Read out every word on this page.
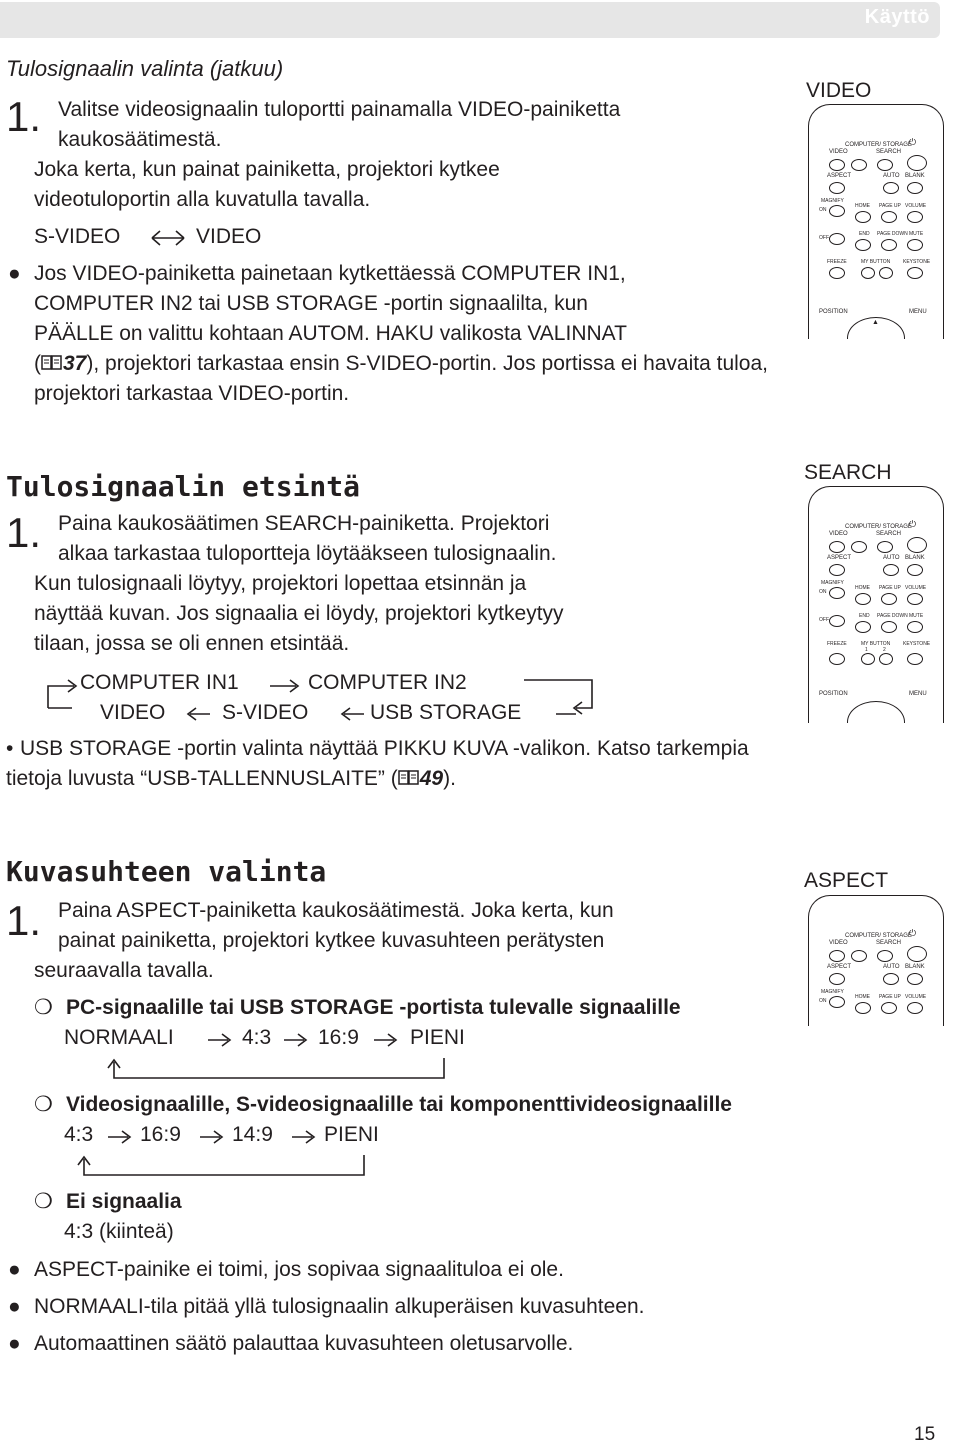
Käyttö
Tulosignaalin valinta (jatkuu)
1. Valitse videosignaalin tuloportti painamalla VIDEO-painiketta
kaukosäätimestä.
Joka kerta, kun painat painiketta, projektori kytkee
videotuloportin alla kuvatulla tavalla.
S-VIDEO	VIDEO
● Jos VIDEO-painiketta painetaan kytkettäessä COMPUTER IN1,
COMPUTER IN2 tai USB STORAGE -portin signaalilta, kun
PÄÄLLE on valittu kohtaan AUTOM. HAKU valikosta VALINNAT
( 37), projektori tarkastaa ensin S-VIDEO-portin. Jos portissa ei havaita tuloa,
projektori tarkastaa VIDEO-portin.
VIDEO
COMPUTER/ STORAGE
VIDEO	SEARCH
⏻
ASPECT	AUTO BLANK
MAGNIFY
ON
HOME PAGE UP VOLUME
OFF
END PAGE DOWN MUTE
FREEZE	MY BUTTON	KEYSTONE
POSITION	MENU
▲
Tulosignaalin etsintä	SEARCH
1. Paina kaukosäätimen SEARCH-painiketta. Projektori
alkaa tarkastaa tuloportteja löytääkseen tulosignaalin.
Kun tulosignaali löytyy, projektori lopettaa etsinnän ja
näyttää kuvan. Jos signaalia ei löydy, projektori kytkeytyy
tilaan, jossa se oli ennen etsintää.
COMPUTER IN1	COMPUTER IN2
VIDEO	S-VIDEO	USB STORAGE
• USB STORAGE -portin valinta näyttää PIKKU KUVA -valikon. Katso tarkempia
tietoja luvusta “USB-TALLENNUSLAITE” ( 49).
COMPUTER/ STORAGE
VIDEO	SEARCH
⏻
ASPECT	AUTO BLANK
MAGNIFY
ON
HOME PAGE UP VOLUME
OFF
END PAGE DOWN MUTE
FREEZE	MY BUTTON	KEYSTONE
1	2
POSITION	MENU
Kuvasuhteen valinta	ASPECT
1. Paina ASPECT-painiketta kaukosäätimestä. Joka kerta, kun
painat painiketta, projektori kytkee kuvasuhteen perätysten
seuraavalla tavalla.
❍ PC-signaalille tai USB STORAGE -portista tulevalle signaalille
NORMAALI	4:3 16:9 PIENI
❍ Videosignaalille, S-videosignaalille tai komponenttivideosignaalille
4:3 16:9 14:9 PIENI
❍ Ei signaalia
4:3 (kiinteä)
● ASPECT-painike ei toimi, jos sopivaa signaalituloa ei ole.
● NORMAALI-tila pitää yllä tulosignaalin alkuperäisen kuvasuhteen.
● Automaattinen säätö palauttaa kuvasuhteen oletusarvolle.
COMPUTER/ STORAGE
VIDEO	SEARCH
⏻
ASPECT	AUTO BLANK
MAGNIFY
ON
HOME PAGE UP VOLUME
15
